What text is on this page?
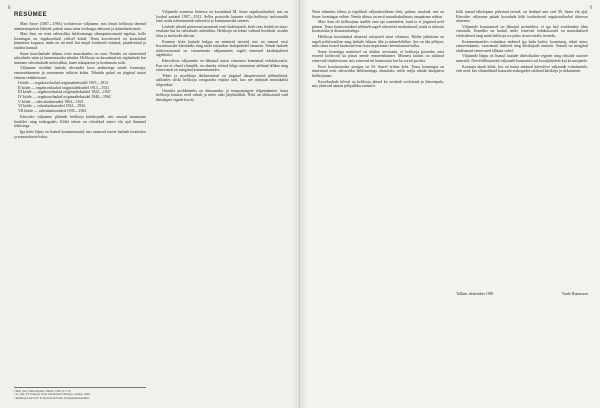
8
RESÜMEE

Mart Saare (1887—1963) vooluteoste väljaanne, mis ilmub helilooja täienud sünniaastapäeva lähistel, pakub aimu tema toodangu ulatusest ja mitmekesisusest.

Mart Saar on eesti rahvusliku heliloomingu silmapaistvamaid tegelasi, kelle loomingus on segakoorilaul erilisel kohal. Tema kooriteosed on koondatud kümnesse kogusse, mida on nii meil kui mujal korduvalt esitatud, plaadistatud ja raadios kantud.

Saare koorilaulude tähtsus eesti muusikaelus on suur. Nendes on sünteesitud rahvalaulu vaim ja kunstmuusika tehnika. Helilooja on kasutanud nii regilaulude kui uuemate rahvalaulude meloodikat, luues isikupärase ja kordumatu stiili.

Väljaanne sisaldab laulude ülevaadet koos andmetega nende loomisaja, esmaettekannete ja varasemate trükiste kohta. Tekstide puhul on järgitud autori viimast redaktsiooni.

I köide — segakoorilaulud originaaltekstidel 1907—1912
II köide — segakoorilaulud originaaltekstidel 1913—1921
III köide — segakoorilaulud originaaltekstidel 1922—1947
IV köide — segakoorilaulud originaaltekstidel 1948—1962
V köide — rahvalauluseaded 1904—1921
VI köide — rahvalauluseaded 1922—1934
VII köide — rahvalauluseaded 1935—1962

Käesolev väljaanne põhineb helilooja käsikirjadel, mis asuvad muuseumi fondides ning erakogudes. Kõiki tekste on võrreldud autori elu ajal ilmunud trükistega.

Iga köite lõpus on lisatud kommentaarid, mis annavad teavet laulude loomisloo ja esmaesituste kohta.

¹ Mart Saar. Valik kirjutisi. Tallinn, 1965, lk. 176.
² Vt. näit.: H. Tampere. Eesti rahvalaulud viisidega. Tallinn, 1960.
³ Käsikirjad asuvad F. R. Kreutzwaldi nim. Kirjandusmuuseumis.

Väljaande esimesse köitesse on koondatud M. Saare segakoorilaulud, mis on loodud aastatel 1907—1912. Selles perioodis kujunes välja helilooja iseloomulik laad, mida iseloomustab rahvaviisi ja kunstmuusika süntees.

Laulude tekstid pärinevad peamiselt eesti luuletajatelt, kelle seas leidub nii noor-eestlaste kui ka rahvaluule ainestikku. Helilooja on tekste valinud hoolikalt, otsides sõna ja meloodia ühtsust.

Esimese köite laulude hulgas on mitmeid teoseid, mis on saanud eesti koorimuusika klassikaks ning mida esitatakse laulupidudel tänaseni. Nende laulude trükiversioonid on varasemates väljaannetes sageli erinenud käsikirjalisest algtekstist.

Käesolevas väljaandes on lähtutud autori viimasest kinnitatud redaktsioonist. Kus see ei olnud võimalik, on aluseks võetud kõige autentsem säilinud allikas ning erinevused on märgitud kommentaarides.

Teksti ja noodikirja ühtlustamisel on järgitud tänapäevaseid põhimõtteid, säilitades siiski helilooja ortograafia eripära seal, kus see mõjutab muusikalist tõlgendust.

Omaette probleemiks on dünaamika- ja tempomärgete tõlgendamine, kuna helilooja kasutas neid vabalt ja mitte alati järjekindlalt. Neid on ühtlustatud vaid ilmselgete vigade korral.

9

Neist tähendus lähtus ja tegelikult väljendusliikuse õieti, puhtus, tasakaal, mis on Saare loomingus eriline. Nende ühtsus on eesti muusikakultuuris omapärane nähtus.

Mart Saar oli heliloojana teadlik oma aja suundadest, kuid ta ei järginud neid pimesi. Tema harmooniakeel põhineb sageli rahvaviisi modaalsusel, mida ta rikastas kromaatika ja dissonantsidega.

Helilooja koorilaulud nõuavad esitajatelt suurt vilumust. Häälte juhtimine on sageli polüfooniline ning laulude faktuur tihe ja mitmekihiline. See on üks põhjusi, miks tema teosed kuuluvad eesti koorirepertuaari keerukamate hulka.

Saare loomingu uurimisel on oluline arvestada, et helilooja parandas oma teoseid korduvalt ka pärast nende esmaettekannet. Mitmest laulust on säilinud erinevaid redaktsioone, mis erinevad nii harmoonia kui ka vormi poolest.

Eesti koorimuusika arengus on M. Saarel eriline koht. Tema loomingut on nimetatud eesti rahvusliku heliloomingu alustalaks, mille mõju ulatub tänapäeva heliloojateni.

Koorilaulude kõrval on helilooja jätnud ka arvukalt soololaule ja klaveripalu, mis väärivad samuti põhjalikku uurimist.

kõik tuntud tähelepanu pälvinud teosed, on leidnud aset veel M. Saare elu ajal. Käesolev väljaanne püüab koondada kõik teadaolevad segakoorilaulud ühtsesse süsteemi.

Väljaande koostamisel on lähtutud printsiibist, et iga laul avaldatakse ühes variandis. Erandiks on laulud, mille erinevad redaktsioonid on muusikaliselt võrdväärsed ning mida helilooja ise pidas iseseisvateks teosteks.

Kommentaarides esitatakse andmed iga laulu kohta: loomisaeg, teksti autor, esmaettekanne, varasemad trükised ning käsikirjade asukoht. Samuti on märgitud olulisemad erinevused allikate vahel.

Väljaande lõppu on lisatud laulude tähestikuline register ning tekstide autorite nimestik. Need hõlbustavad väljaande kasutamist nii koorijuhtidele kui ka uurijatele.

Koostaja tänab kõiki, kes on kaasa aidanud käesoleva väljaande valmimisele, eriti neid, kes võimaldasid kasutada erakogudes säilinud käsikirju ja dokumente.

Tallinn, detsember 1981	Vardo Rumessen
